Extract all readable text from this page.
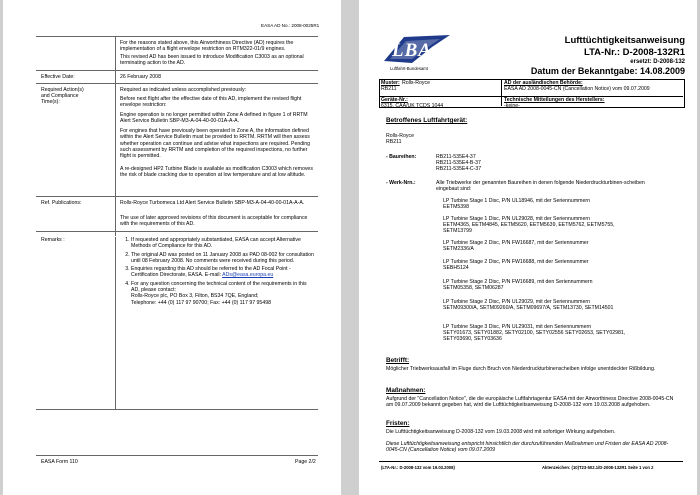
EASA AD No.: 2008-0025R1
For the reasons stated above, this Airworthiness Directive (AD) requires the implementation of a flight envelope restriction on RTM322-01/9 engines.
This revised AD has been issued to introduce Modification C3003 as an optional terminating action to the AD.
Effective Date:	26 February 2008
Required Action(s)
and Compliance
Time(s):
Required as indicated unless accomplished previously:
Before next flight after the effective date of this AD, implement the revised flight envelope restriction:
Engine operation is no longer permitted within Zone A defined in figure 1 of RRTM Alert Service Bulletin SBP-M3-A-04-40-00-01A-A-A.
For engines that have previously been operated in Zone A, the information defined within the Alert Service Bulletin must be provided to RRTM. RRTM will then assess whether operation can continue and advise what inspections are required. Pending such assessment by RRTM and completion of the required inspections, no further flight is permitted.
A re-designed HP2 Turbine Blade is available as modification C3003 which removes the risk of blade cracking due to operation at low temperature and at low altitude.
Ref. Publications:	Rolls-Royce Turbomeca Ltd Alert Service Bulletin SBP-M3-A-04-40-00-01A-A-A.
The use of later approved revisions of this document is acceptable for compliance with the requirements of this AD.
Remarks :
1.	If requested and appropriately substantiated, EASA can accept Alternative Methods of Compliance for this AD.
2. The original AD was posted on 11 January 2008 as PAD 08-002 for consultation until 08 February 2008. No comments were received during this period.
3. Enquiries regarding this AD should be referred to the AD Focal Point - Certification Directorate, EASA. E-mail: ADs@easa.europa.eu
4. For any question concerning the technical content of the requirements in this AD, please contact:
Rolls-Royce plc, PO Box 3, Filton, BS34 7QE, England;
Telephone: +44 (0) 117 97 90700; Fax: +44 (0) 117 97 95498
EASA Form 110	Page 2/2
LBA
Luftfahrt-Bundesamt
Lufttüchtigkeitsanweisung
LTA-Nr.: D-2008-132R1
ersetzt: D-2008-132
Datum der Bekanntgabe: 14.08.2009
Muster: Rolls-Royce
RB211
AD der ausländischen Behörde:
EASA AD 2008-0045-CN (Cancellation Notice) vom 09.07.2009
Geräte-Nr.:
6315, CAA/UK TCDS 1044
Technische Mitteilungen des Herstellers:
-keine-
Betroffenes Luftfahrtgerät:
Rolls-Royce
RB211
- Baureihen:	RB211-535E4-37
RB211-535E4-B-37
RB211-535E4-C-37
- Werk-Nrn.:	Alle Triebwerke der genannten Baureihen in denen folgende Niederdruckturbinen-scheiben eingebaut sind:
LP Turbine Stage 1 Disc, P/N UL18946, mit der Seriennummern
EETM5398
LP Turbine Stage 1 Disc, P/N UL29028, mit der Seriennummern
EETM4365, EETM4845, EETM5620, EETM5639, EETM5762, EETM5755, SETM13799
LP Turbine Stage 2 Disc, P/N FW16687, mit der Seriennummer
SETM2336/A
LP Turbine Stage 2 Disc, P/N FW16688, mit der Seriennummer
SEBH5124
LP Turbine Stage 2 Disc, P/N FW16689, mit den Seriennummern
SETM05358, SETM06287
LP Turbine Stage 2 Disc, P/N UL29029, mit der Seriennummern
SETM09300/A, SETM09260/A, SETM09697/A, SETM13730, SETM14501
LP Turbine Stage 3 Disc, P/N UL29031, mit den Seriennummern
SETY01673, SETY01882, SETY02100, SETY02556 SETY02653, SETY02981, SETY03690, SETY03636
Betrifft:
Möglicher Triebwerksausfall im Fluge durch Bruch von Niederdruckturbinenscheiben infolge unentdeckter Rißbildung.
Maßnahmen:
Aufgrund der "Cancellation Notice", die die europäische Luftfahrtagentur EASA mit der Airworthiness Directive 2008-0045-CN am 09.07.2009 bekannt gegeben hat, wird die Lufttüchtigkeitsanweisung D-2008-132 vom 19.03.2008 aufgehoben.
Fristen:
Die Lufttüchtigkeitsanweisung D-2008-132 vom 19.03.2008 wird mit sofortiger Wirkung aufgehoben.
Diese Lufttüchtigkeitsanweisung entspricht hinsichtlich der durchzuführenden Maßnahmen und Fristen der EASA AD 2008-0045-CN (Cancellation Notice) vom 09.07.2009
(LTA-Nr.: D-2008-132 vom 19.03.2008)	Aktenzeichen: (10)T23-502.1/D-2008-132R1 Seite 1 von 2
